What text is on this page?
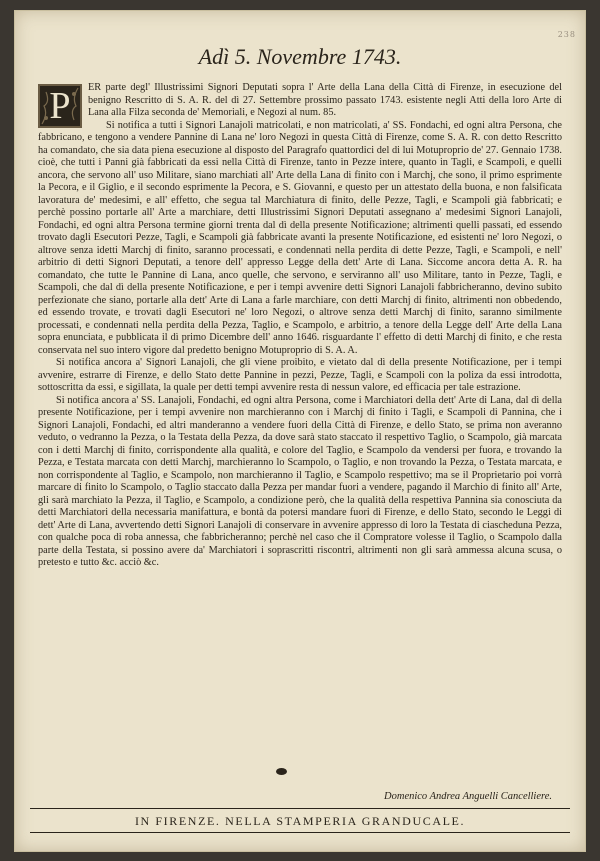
238
Adì 5. Novembre 1743.

P	ER parte degl' Illustrissimi Signori Deputati sopra l' Arte della Lana della Città di Firenze, in esecuzione del benigno Rescritto di S. A. R. del dì 27. Settembre prossimo passato 1743. esistente negli Atti della loro Arte di Lana alla Filza seconda de' Memoriali, e Negozi al num. 85.

Si notifica a tutti i Signori Lanajoli matricolati, e non matricolati, a' SS. Fondachi, ed ogni altra Persona, che fabbricano, e tengono a vendere Pannine di Lana ne' loro Negozi in questa Città di Firenze, come S. A. R. con detto Rescritto ha comandato, che sia data piena esecuzione al disposto del Paragrafo quattordici del di lui Motuproprio de' 27. Gennaio 1738. cioè, che tutti i Panni già fabbricati da essi nella Città di Firenze, tanto in Pezze intere, quanto in Tagli, e Scampoli, e quelli ancora, che servono all' uso Militare, siano marchiati all' Arte della Lana di finito con i Marchj, che sono, il primo esprimente la Pecora, e il Giglio, e il secondo esprimente la Pecora, e S. Giovanni, e questo per un attestato della buona, e non falsificata lavoratura de' medesimi, e all' effetto, che segua tal Marchiatura di finito, delle Pezze, Tagli, e Scampoli già fabbricati; e perchè possino portarle all' Arte a marchiare, detti Illustrissimi Signori Deputati assegnano a' medesimi Signori Lanajoli, Fondachi, ed ogni altra Persona termine giorni trenta dal dì della presente Notificazione; altrimenti quelli passati, ed essendo trovato dagli Esecutori Pezze, Tagli, e Scampoli già fabbricate avanti la presente Notificazione, ed esistenti ne' loro Negozi, o altrove senza idetti Marchj di finito, saranno processati, e condennati nella perdita di dette Pezze, Tagli, e Scampoli, e nell' arbitrio di detti Signori Deputati, a tenore dell' appresso Legge della dett' Arte di Lana. Siccome ancora detta A. R. ha comandato, che tutte le Pannine di Lana, anco quelle, che servono, e serviranno all' uso Militare, tanto in Pezze, Tagli, e Scampoli, che dal dì della presente Notificazione, e per i tempi avvenire detti Signori Lanajoli fabbricheranno, devino subito perfezionate che siano, portarle alla dett' Arte di Lana a farle marchiare, con detti Marchj di finito, altrimenti non obbedendo, ed essendo trovate, e trovati dagli Esecutori ne' loro Negozi, o altrove senza detti Marchj di finito, saranno similmente processati, e condennati nella perdita della Pezza, Taglio, e Scampolo, e arbitrio, a tenore della Legge dell' Arte della Lana sopra enunciata, e pubblicata il dì primo Dicembre dell' anno 1646. risguardante l' effetto di detti Marchj di finito, e che resta conservata nel suo intero vigore dal predetto benigno Motuproprio di S. A. A.

Si notifica ancora a' Signori Lanajoli, che gli viene proibito, e vietato dal dì della presente Notificazione, per i tempi avvenire, estrarre di Firenze, e dello Stato dette Pannine in pezzi, Pezze, Tagli, e Scampoli con la poliza da essi introdotta, sottoscritta da essi, e sigillata, la quale per detti tempi avvenire resta di nessun valore, ed efficacia per tale estrazione.

Si notifica ancora a' SS. Lanajoli, Fondachi, ed ogni altra Persona, come i Marchiatori della dett' Arte di Lana, dal dì della presente Notificazione, per i tempi avvenire non marchieranno con i Marchj di finito i Tagli, e Scampoli di Pannina, che i Signori Lanajoli, Fondachi, ed altri manderanno a vendere fuori della Città di Firenze, e dello Stato, se prima non averanno veduto, o vedranno la Pezza, o la Testata della Pezza, da dove sarà stato staccato il respettivo Taglio, o Scampolo, già marcata con i detti Marchj di finito, corrispondente alla qualità, e colore del Taglio, e Scampolo da vendersi per fuora, e trovando la Pezza, e Testata marcata con detti Marchj, marchieranno lo Scampolo, o Taglio, e non trovando la Pezza, o Testata marcata, e non corrispondente al Taglio, e Scampolo, non marchieranno il Taglio, e Scampolo respettivo; ma se il Proprietario poi vorrà marcare di finito lo Scampolo, o Taglio staccato dalla Pezza per mandar fuori a vendere, pagando il Marchio di finito all' Arte, gli sarà marchiato la Pezza, il Taglio, e Scampolo, a condizione però, che la qualità della respettiva Pannina sia conosciuta da detti Marchiatori della necessaria manifattura, e bontà da potersi mandare fuori di Firenze, e dello Stato, secondo le Leggi di dett' Arte di Lana, avvertendo detti Signori Lanajoli di conservare in avvenire appresso di loro la Testata di ciascheduna Pezza, con qualche poca di roba annessa, che fabbricheranno; perchè nel caso che il Compratore volesse il Taglio, o Scampolo dalla parte della Testata, si possino avere da' Marchiatori i soprascritti riscontri, altrimenti non gli sarà ammessa alcuna scusa, o pretesto e tutto &c. acciò &c.

Domenico Andrea Anguelli Cancelliere.
IN FIRENZE. NELLA STAMPERIA GRANDUCALE.
